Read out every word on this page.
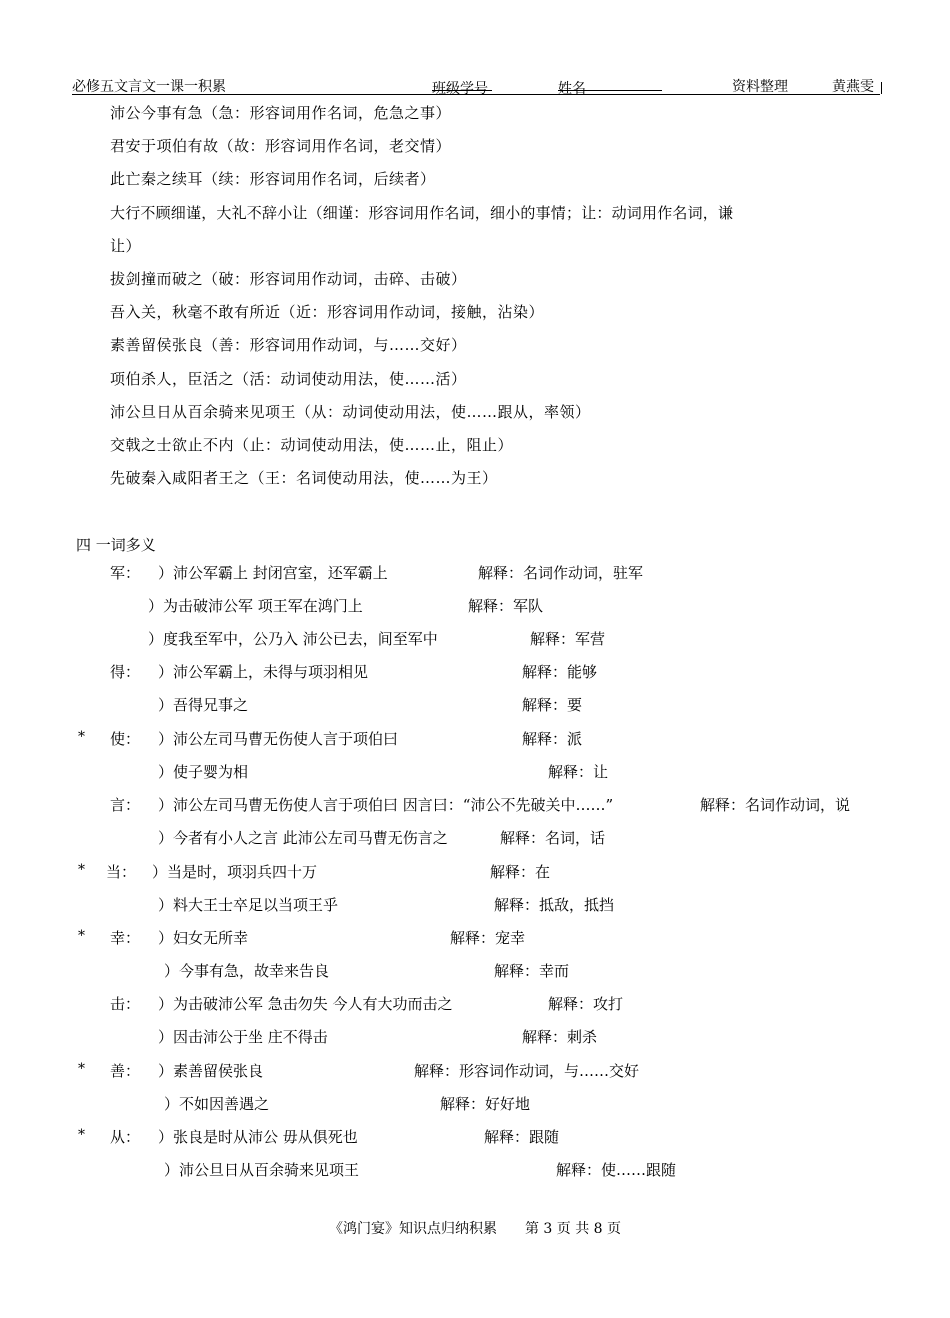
必修五文言文一课一积累	班级学号	姓名	资料整理	黄燕雯
沛公今事有急（急：形容词用作名词，危急之事）
君安于项伯有故（故：形容词用作名词，老交情）
此亡秦之续耳（续：形容词用作名词，后续者）
大行不顾细谨，大礼不辞小让（细谨：形容词用作名词，细小的事情；让：动词用作名词，谦
让）
拔剑撞而破之（破：形容词用作动词，击碎、击破）
吾入关，秋毫不敢有所近（近：形容词用作动词，接触，沾染）
素善留侯张良（善：形容词用作动词，与……交好）
项伯杀人，臣活之（活：动词使动用法，使……活）
沛公旦日从百余骑来见项王（从：动词使动用法，使……跟从，率领）
交戟之士欲止不内（止：动词使动用法，使……止，阻止）
先破秦入咸阳者王之（王：名词使动用法，使……为王）
四 一词多义
军： ）沛公军霸上 封闭宫室，还军霸上	解释：名词作动词，驻军
）为击破沛公军 项王军在鸿门上	解释：军队
）度我至军中，公乃入 沛公已去，间至军中	解释：军营
得： ）沛公军霸上，未得与项羽相见	解释：能够
）吾得兄事之	解释：要
* 使： ）沛公左司马曹无伤使人言于项伯曰	解释：派
）使子婴为相	解释：让
言： ）沛公左司马曹无伤使人言于项伯曰 因言曰：“沛公不先破关中……”	解释：名词作动词，说
）今者有小人之言 此沛公左司马曹无伤言之	解释：名词，话
* 当： ）当是时，项羽兵四十万	解释：在
）料大王士卒足以当项王乎	解释：抵敌，抵挡
* 幸： ）妇女无所幸	解释：宠幸
）今事有急，故幸来告良	解释：幸而
击： ）为击破沛公军 急击勿失 今人有大功而击之	解释：攻打
）因击沛公于坐 庄不得击	解释：刺杀
* 善： ）素善留侯张良	解释：形容词作动词，与……交好
）不如因善遇之	解释：好好地
* 从： ）张良是时从沛公 毋从俱死也	解释：跟随
）沛公旦日从百余骑来见项王	解释：使……跟随
《鸿门宴》知识点归纳积累　　第 3 页 共 8 页
